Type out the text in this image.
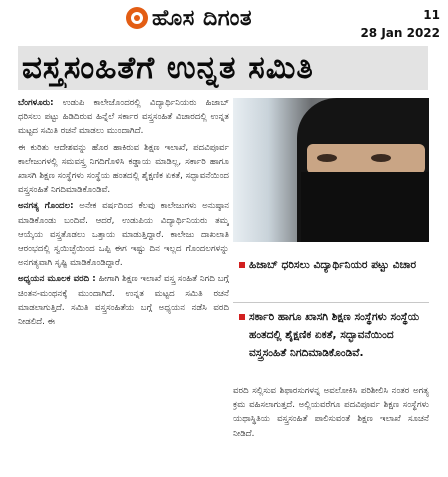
ಹೊಸ ದಿಗಂತ	11
28 Jan 2022
ವಸ್ತ್ರಸಂಹಿತೆಗೆ ಉನ್ನತ ಸಮಿತಿ

ಬೆಂಗಳೂರು: ಉಡುಪಿ ಕಾಲೇಜೊಂದರಲ್ಲಿ ವಿದ್ಯಾರ್ಥಿನಿಯರು ಹಿಜಾಬ್ ಧರಿಸಲು ಪಟ್ಟು ಹಿಡಿದಿರುವ ಹಿನ್ನೆಲೆ ಸರ್ಕಾರ ವಸ್ತ್ರಸಂಹಿತೆ ವಿಚಾರದಲ್ಲಿ ಉನ್ನತ ಮಟ್ಟದ ಸಮಿತಿ ರಚನೆ ಮಾಡಲು ಮುಂದಾಗಿದೆ.

ಈ ಕುರಿತು ಆದೇಶವನ್ನು ಹೊರ ಹಾಕಿರುವ ಶಿಕ್ಷಣ ಇಲಾಖೆ, ಪದವಿಪೂರ್ವ ಕಾಲೇಜುಗಳಲ್ಲಿ ಸಮವಸ್ತ್ರ ನಿಗದಿಗೊಳಿಸಿ ಕಡ್ಡಾಯ ಮಾಡಿಲ್ಲ, ಸರ್ಕಾರಿ ಹಾಗೂ ಖಾಸಗಿ ಶಿಕ್ಷಣ ಸಂಸ್ಥೆಗಳು ಸಂಸ್ಥೆಯ ಹಂತದಲ್ಲಿ ಶೈಕ್ಷಣಿಕ ಏಕತೆ, ಸದ್ಭಾವನೆಯಿಂದ ವಸ್ತ್ರಸಂಹಿತೆ ನಿಗದಿಮಾಡಿಕೊಂಡಿವೆ.

ಅನಗತ್ಯ ಗೊಂದಲ: ಅನೇಕ ವರ್ಷದಿಂದ ಕೆಲವು ಕಾಲೇಜುಗಳು ಅನುಷ್ಠಾನ ಮಾಡಿಕೊಂಡು ಬಂದಿವೆ. ಆದರೆ, ಉಡುಪಿಯ ವಿದ್ಯಾರ್ಥಿನಿಯರು ತಮ್ಮ ಆಯ್ಕೆಯ ವಸ್ತ್ರತೊಡಲು ಒತ್ತಾಯ ಮಾಡುತ್ತಿದ್ದಾರೆ. ಕಾಲೇಜು ದಾಖಲಾತಿ ಆರಂಭದಲ್ಲಿ ಸ್ವಯಿಚ್ಛೆಯಿಂದ ಒಪ್ಪಿ ಈಗ ಇಷ್ಟು ದಿನ ಇಲ್ಲದ ಗೊಂದಲಗಳನ್ನು ಅನಗತ್ಯವಾಗಿ ಸೃಷ್ಟಿ ಮಾಡಿಕೊಂಡಿದ್ದಾರೆ.

ಅಧ್ಯಯನ ಮೂಲಕ ವರದಿ : ಹೀಗಾಗಿ ಶಿಕ್ಷಣ ಇಲಾಖೆ ವಸ್ತ್ರ ಸಂಹಿತೆ ನಿಗದಿ ಬಗ್ಗೆ ಚಿಂತನ-ಮಂಥನಕ್ಕೆ ಮುಂದಾಗಿದೆ. ಉನ್ನತ ಮಟ್ಟದ ಸಮಿತಿ ರಚನೆ ಮಾಡಲಾಗುತ್ತಿದೆ. ಸಮಿತಿ ವಸ್ತ್ರಸಂಹಿತೆಯ ಬಗ್ಗೆ ಅಧ್ಯಯನ ನಡೆಸಿ ವರದಿ ನೀಡಲಿದೆ. ಈ

ಹಿಜಾಬ್ ಧರಿಸಲು ವಿದ್ಯಾರ್ಥಿನಿಯರ ಪಟ್ಟು ವಿಚಾರ
ಸರ್ಕಾರಿ ಹಾಗೂ ಖಾಸಗಿ ಶಿಕ್ಷಣ ಸಂಸ್ಥೆಗಳು ಸಂಸ್ಥೆಯ ಹಂತದಲ್ಲಿ ಶೈಕ್ಷಣಿಕ ಏಕತೆ, ಸದ್ಭಾವನೆಯಿಂದ ವಸ್ತ್ರಸಂಹಿತೆ ನಿಗದಿಮಾಡಿಕೊಂಡಿವೆ.
ವರದಿ ಸಲ್ಲಿಸುವ ಶಿಫಾರಸುಗಳನ್ನ ಅವಲೋಕಿಸಿ ಪರಿಶೀಲಿಸಿ ನಂತರ ಅಗತ್ಯ ಕ್ರಮ ವಹಿಸಲಾಗುತ್ತದೆ. ಅಲ್ಲಿಯವರೆಗೂ ಪದವಿಪೂರ್ವ ಶಿಕ್ಷಣ ಸಂಸ್ಥೆಗಳು ಯಥಾಸ್ಥಿತಿಯ ವಸ್ತ್ರಸಂಹಿತೆ ಪಾಲಿಸುವಂತೆ ಶಿಕ್ಷಣ ಇಲಾಖೆ ಸೂಚನೆ ನೀಡಿದೆ.
